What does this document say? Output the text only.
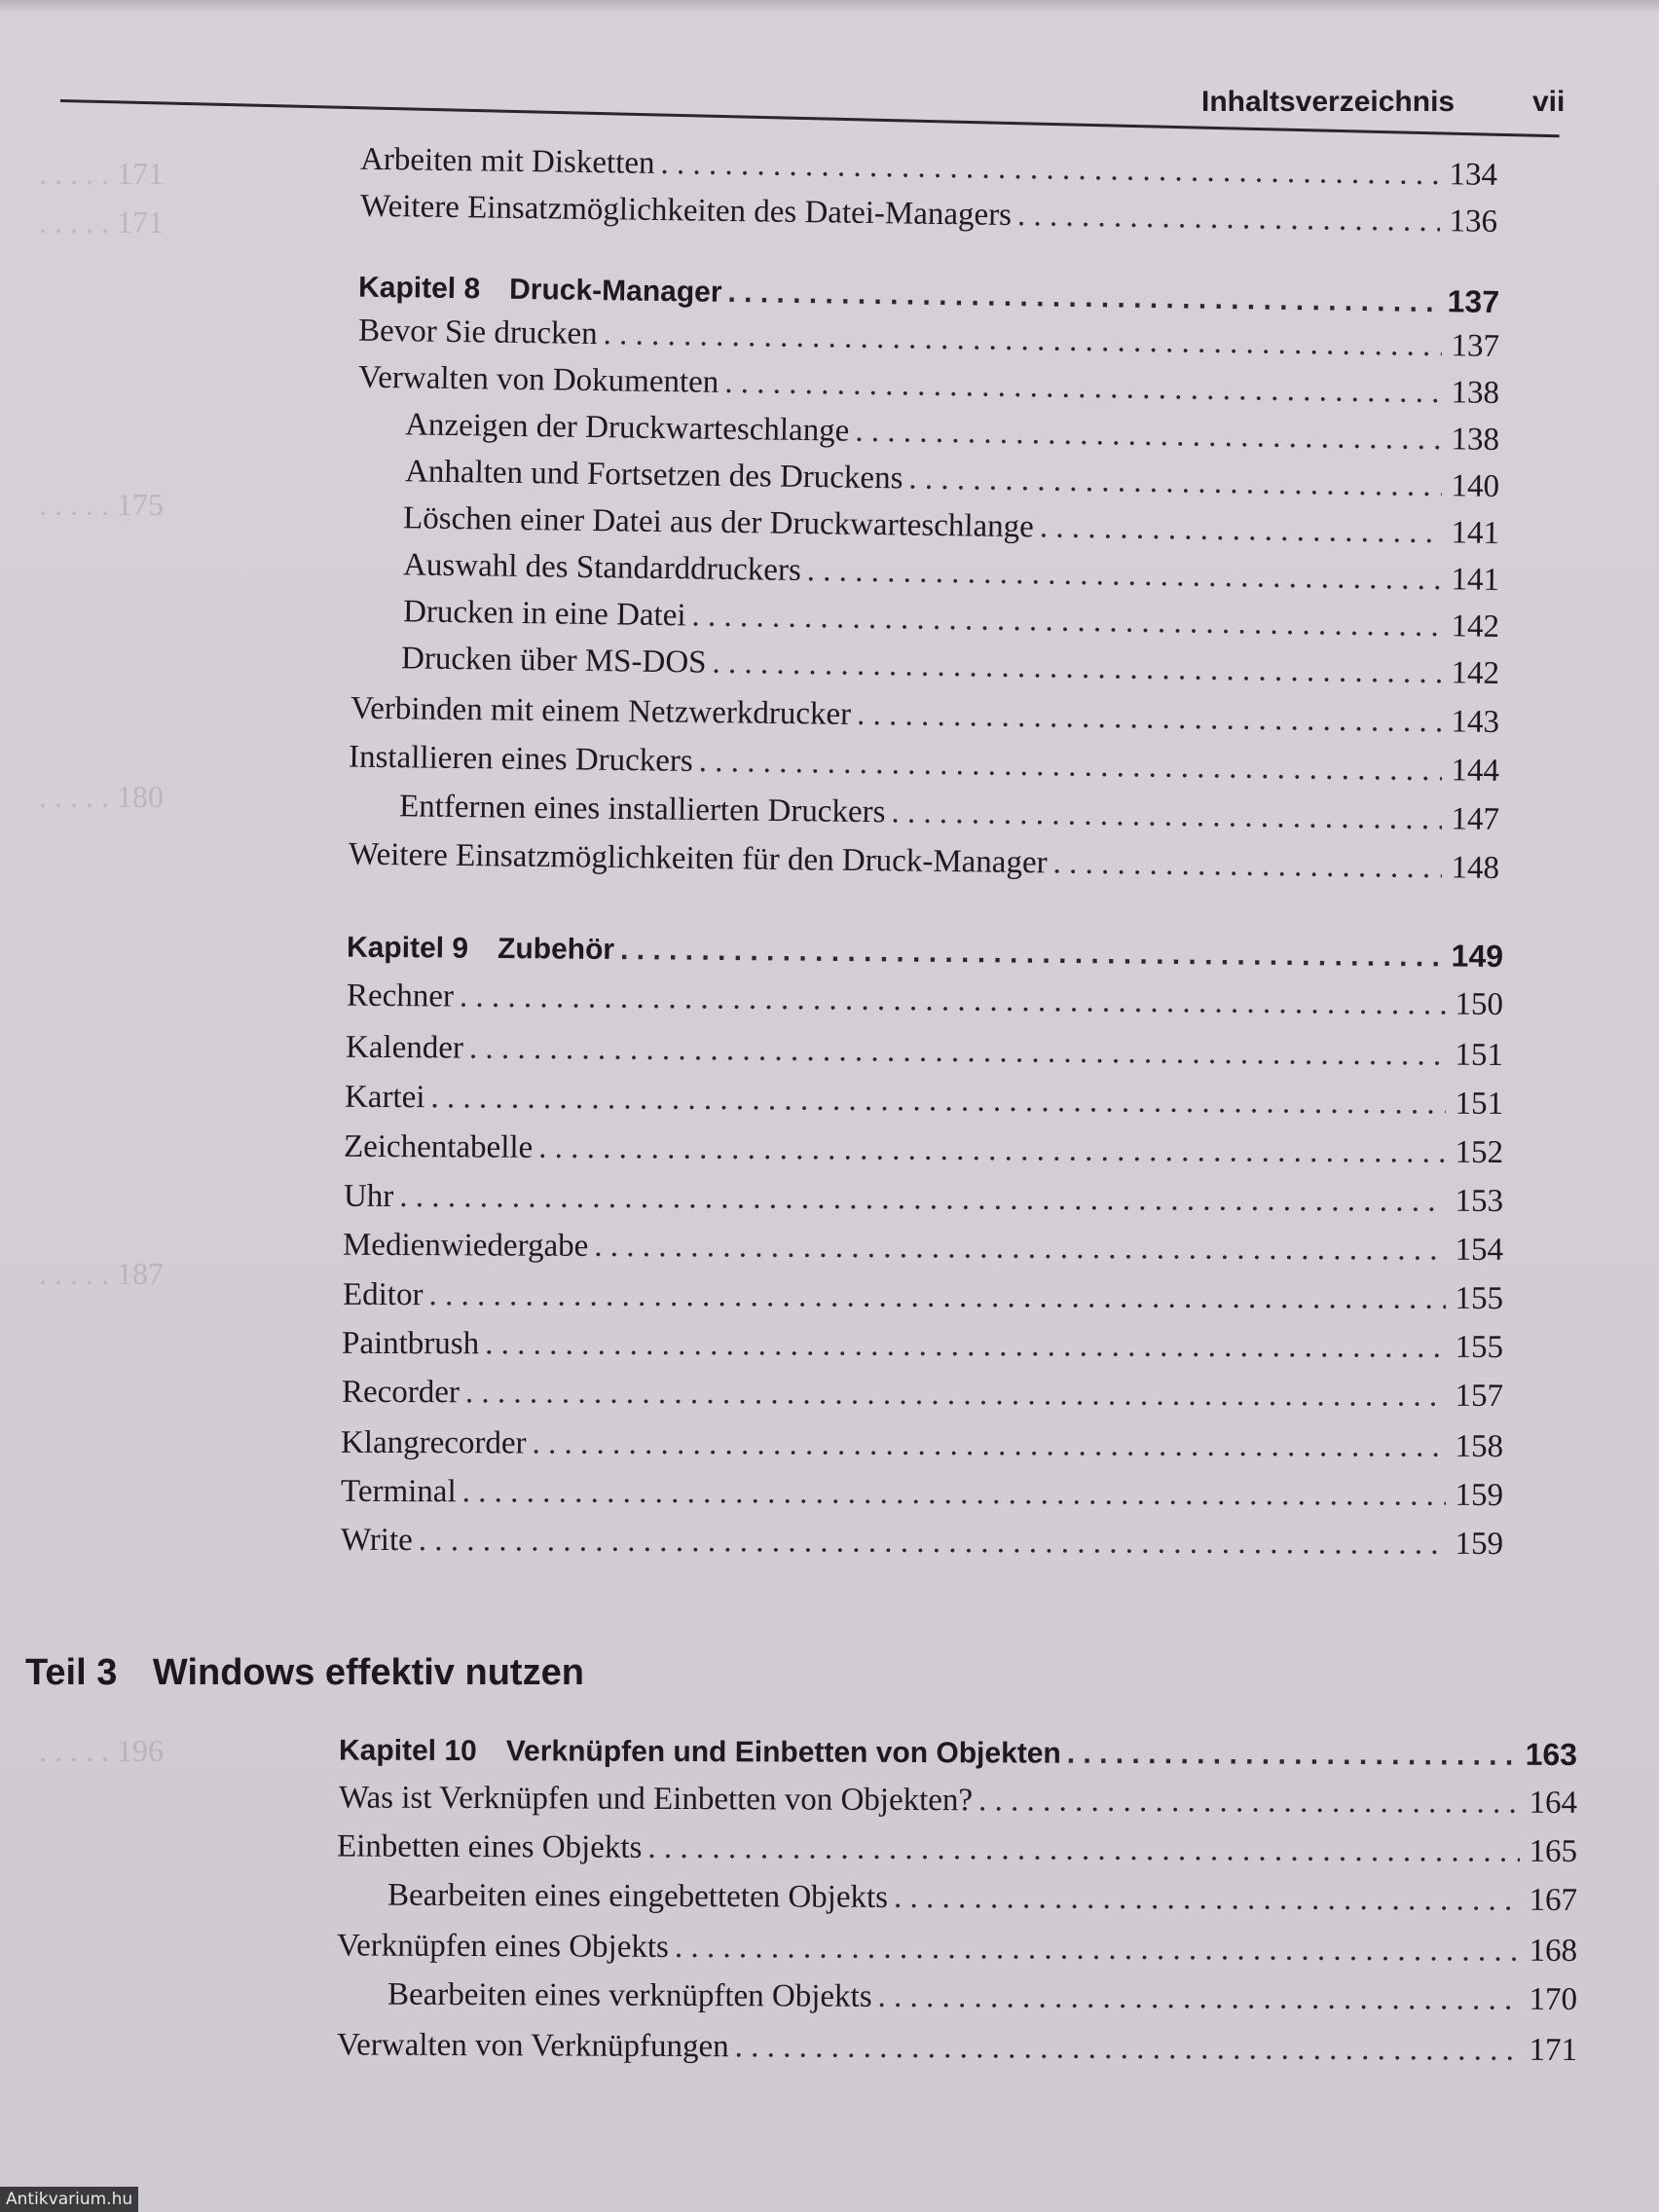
. . . . . 171
. . . . . 171
. . . . . 175
. . . . . 180
. . . . . 187
. . . . . 196
Inhaltsverzeichnis	vii
Arbeiten mit Disketten . . .	134
Weitere Einsatzmöglichkeiten des Datei-Managers . . .	136
Kapitel 8 Druck-Manager . . .	137
Bevor Sie drucken . . .	137
Verwalten von Dokumenten . . .	138
Anzeigen der Druckwarteschlange . . .	138
Anhalten und Fortsetzen des Druckens . . .	140
Löschen einer Datei aus der Druckwarteschlange . . .	141
Auswahl des Standarddruckers . . .	141
Drucken in eine Datei . . .	142
Drucken über MS-DOS . . .	142
Verbinden mit einem Netzwerkdrucker . . .	143
Installieren eines Druckers . . .	144
Entfernen eines installierten Druckers . . .	147
Weitere Einsatzmöglichkeiten für den Druck-Manager . . .	148
Kapitel 9 Zubehör . . .	149
Rechner . . .	150
Kalender . . .	151
Kartei . . .	151
Zeichentabelle . . .	152
Uhr . . .	153
Medienwiedergabe . . .	154
Editor . . .	155
Paintbrush . . .	155
Recorder . . .	157
Klangrecorder . . .	158
Terminal . . .	159
Write . . .	159
Kapitel 10 Verknüpfen und Einbetten von Objekten . . .	163
Was ist Verknüpfen und Einbetten von Objekten? . . .	164
Einbetten eines Objekts . . .	165
Bearbeiten eines eingebetteten Objekts . . .	167
Verknüpfen eines Objekts . . .	168
Bearbeiten eines verknüpften Objekts . . .	170
Verwalten von Verknüpfungen . . .	171
Teil 3 Windows effektiv nutzen
Antikvarium.hu
